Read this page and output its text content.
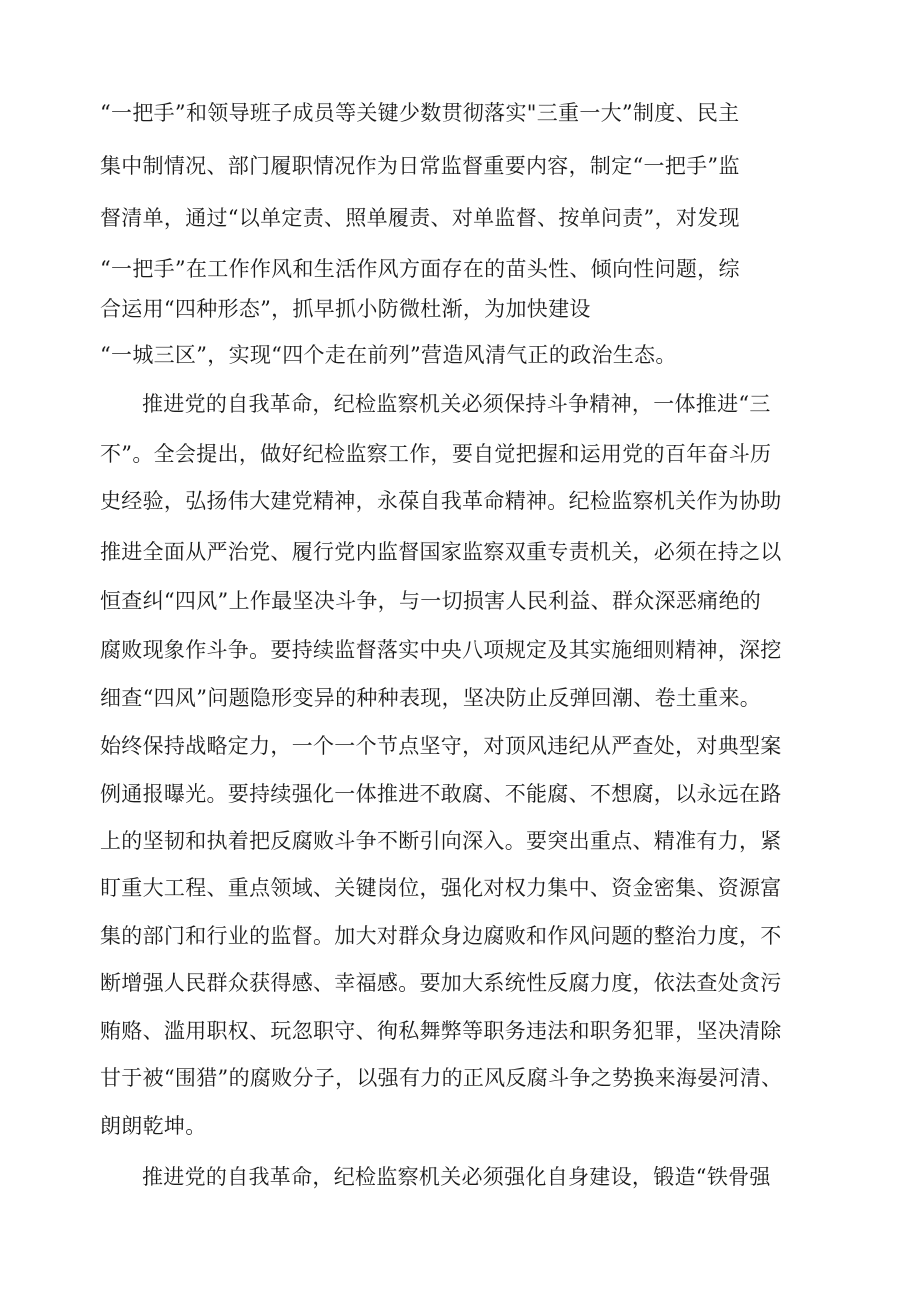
“一把手”和领导班子成员等关键少数贯彻落实"三重一大”制度、民主
集中制情况、部门履职情况作为日常监督重要内容，制定“一把手”监
督清单，通过“以单定责、照单履责、对单监督、按单问责”，对发现
“一把手”在工作作风和生活作风方面存在的苗头性、倾向性问题，综
合运用“四种形态”，抓早抓小防微杜渐，为加快建设
“一城三区”，实现“四个走在前列”营造风清气正的政治生态。
推进党的自我革命，纪检监察机关必须保持斗争精神，一体推进“三
不”。全会提出，做好纪检监察工作，要自觉把握和运用党的百年奋斗历
史经验，弘扬伟大建党精神，永葆自我革命精神。纪检监察机关作为协助
推进全面从严治党、履行党内监督国家监察双重专责机关，必须在持之以
恒查纠“四风”上作最坚决斗争，与一切损害人民利益、群众深恶痛绝的
腐败现象作斗争。要持续监督落实中央八项规定及其实施细则精神，深挖
细查“四风”问题隐形变异的种种表现，坚决防止反弹回潮、卷土重来。
始终保持战略定力，一个一个节点坚守，对顶风违纪从严查处，对典型案
例通报曝光。要持续强化一体推进不敢腐、不能腐、不想腐，以永远在路
上的坚韧和执着把反腐败斗争不断引向深入。要突出重点、精准有力，紧
盯重大工程、重点领域、关键岗位，强化对权力集中、资金密集、资源富
集的部门和行业的监督。加大对群众身边腐败和作风问题的整治力度，不
断增强人民群众获得感、幸福感。要加大系统性反腐力度，依法查处贪污
贿赂、滥用职权、玩忽职守、徇私舞弊等职务违法和职务犯罪，坚决清除
甘于被“围猎”的腐败分子，以强有力的正风反腐斗争之势换来海晏河清、
朗朗乾坤。
推进党的自我革命，纪检监察机关必须强化自身建设，锻造“铁骨强
